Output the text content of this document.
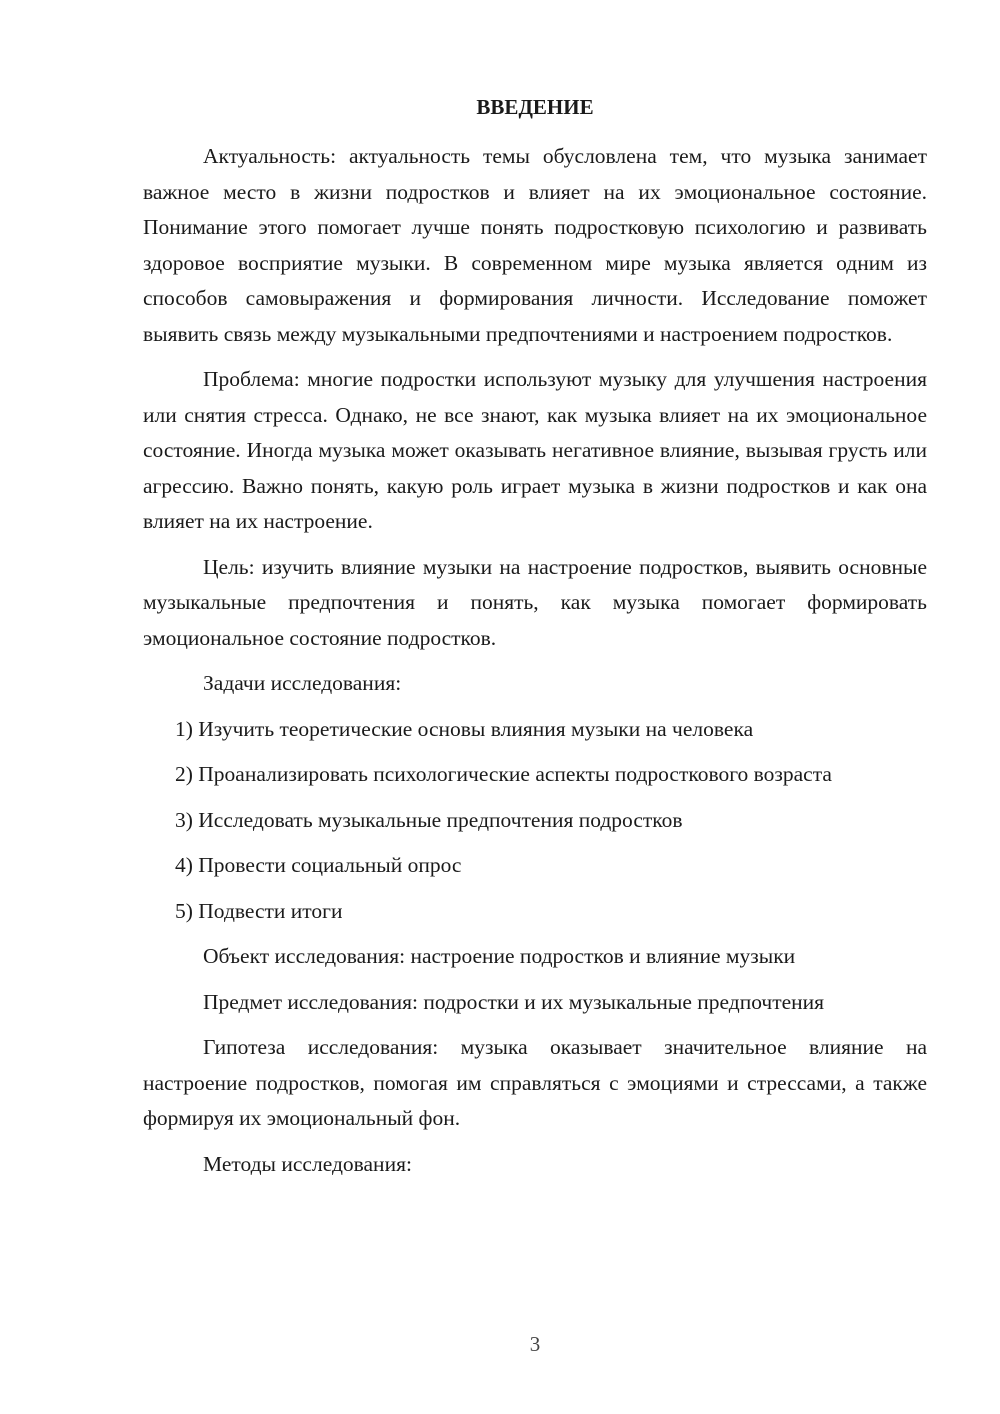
ВВЕДЕНИЕ

Актуальность: актуальность темы обусловлена тем, что музыка занимает важное место в жизни подростков и влияет на их эмоциональное состояние. Понимание этого помогает лучше понять подростковую психологию и развивать здоровое восприятие музыки. В современном мире музыка является одним из способов самовыражения и формирования личности. Исследование поможет выявить связь между музыкальными предпочтениями и настроением подростков.

Проблема: многие подростки используют музыку для улучшения настроения или снятия стресса. Однако, не все знают, как музыка влияет на их эмоциональное состояние. Иногда музыка может оказывать негативное влияние, вызывая грусть или агрессию. Важно понять, какую роль играет музыка в жизни подростков и как она влияет на их настроение.

Цель: изучить влияние музыки на настроение подростков, выявить основные музыкальные предпочтения и понять, как музыка помогает формировать эмоциональное состояние подростков.

Задачи исследования:

1) Изучить теоретические основы влияния музыки на человека

2) Проанализировать психологические аспекты подросткового возраста

3) Исследовать музыкальные предпочтения подростков

4) Провести социальный опрос

5) Подвести итоги

Объект исследования: настроение подростков и влияние музыки

Предмет исследования: подростки и их музыкальные предпочтения

Гипотеза исследования: музыка оказывает значительное влияние на настроение подростков, помогая им справляться с эмоциями и стрессами, а также формируя их эмоциональный фон.

Методы исследования:

3
